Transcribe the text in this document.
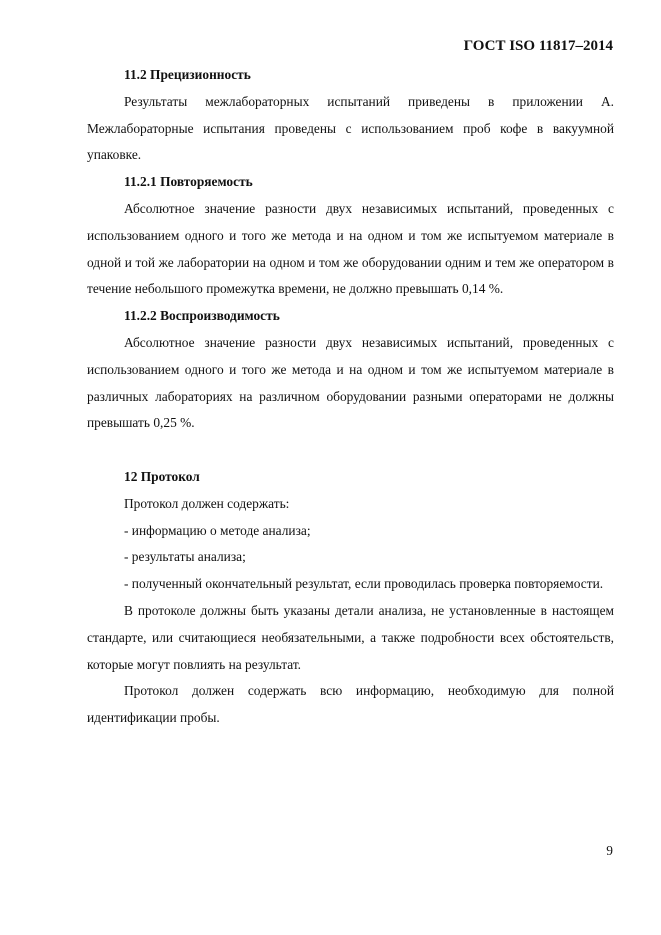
ГОСТ ISO 11817–2014
11.2 Прецизионность
Результаты межлабораторных испытаний приведены в приложении А. Межлабораторные испытания проведены с использованием проб кофе в вакуумной упаковке.
11.2.1 Повторяемость
Абсолютное значение разности двух независимых испытаний, проведенных с использованием одного и того же метода и на одном и том же испытуемом материале в одной и той же лаборатории на одном и том же оборудовании одним и тем же оператором в течение небольшого промежутка времени, не должно превышать 0,14 %.
11.2.2 Воспроизводимость
Абсолютное значение разности двух независимых испытаний, проведенных с использованием одного и того же метода и на одном и том же испытуемом материале в различных лабораториях на различном оборудовании разными операторами не должны превышать 0,25 %.
12 Протокол
Протокол должен содержать:
- информацию о методе анализа;
- результаты анализа;
- полученный окончательный результат, если проводилась проверка повторяемости.
В протоколе должны быть указаны детали анализа, не установленные в настоящем стандарте, или считающиеся необязательными, а также подробности всех обстоятельств, которые могут повлиять на результат.
Протокол должен содержать всю информацию, необходимую для полной идентификации пробы.
9
